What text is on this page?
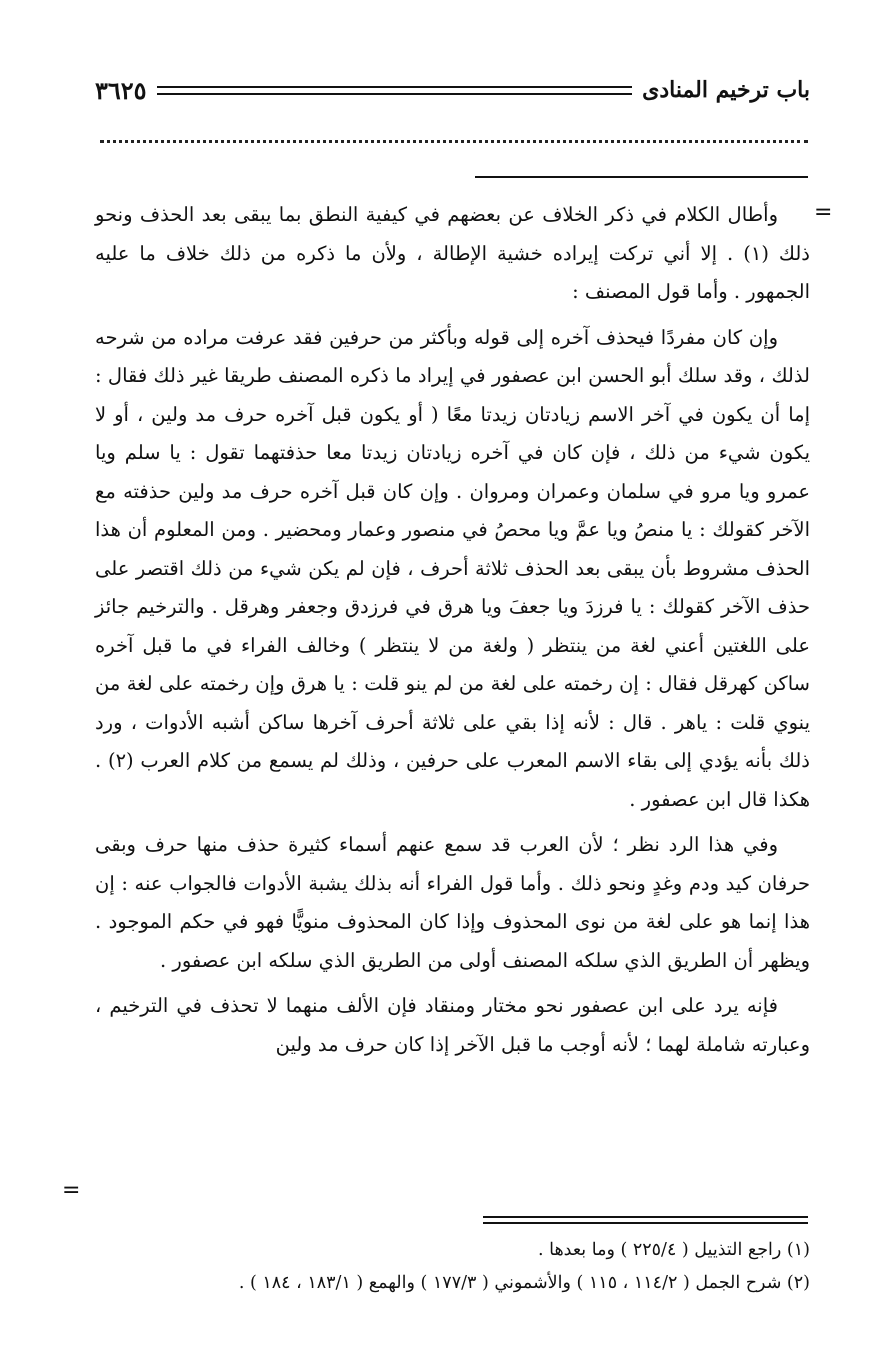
باب ترخيم المنادى
٣٦٢٥
=

وأطال الكلام في ذكر الخلاف عن بعضهم في كيفية النطق بما يبقى بعد الحذف ونحو ذلك (١) . إلا أني تركت إيراده خشية الإطالة ، ولأن ما ذكره من ذلك خلاف ما عليه الجمهور . وأما قول المصنف :

وإن كان مفردًا فيحذف آخره إلى قوله وبأكثر من حرفين فقد عرفت مراده من شرحه لذلك ، وقد سلك أبو الحسن ابن عصفور في إيراد ما ذكره المصنف طريقا غير ذلك فقال : إما أن يكون في آخر الاسم زيادتان زيدتا معًا ( أو يكون قبل آخره حرف مد ولين ، أو لا يكون شيء من ذلك ، فإن كان في آخره زيادتان زيدتا معا حذفتهما تقول : يا سلم ويا عمرو ويا مرو في سلمان وعمران ومروان . وإن كان قبل آخره حرف مد ولين حذفته مع الآخر كقولك : يا منصُ ويا عمَّ ويا محصُ في منصور وعمار ومحضير . ومن المعلوم أن هذا الحذف مشروط بأن يبقى بعد الحذف ثلاثة أحرف ، فإن لم يكن شيء من ذلك اقتصر على حذف الآخر كقولك : يا فرزدَ ويا جعفَ ويا هرق في فرزدق وجعفر وهرقل . والترخيم جائز على اللغتين أعني لغة من ينتظر ( ولغة من لا ينتظر ) وخالف الفراء في ما قبل آخره ساكن كهرقل فقال : إن رخمته على لغة من لم ينو قلت : يا هرق وإن رخمته على لغة من ينوي قلت : ياهر . قال : لأنه إذا بقي على ثلاثة أحرف آخرها ساكن أشبه الأدوات ، ورد ذلك بأنه يؤدي إلى بقاء الاسم المعرب على حرفين ، وذلك لم يسمع من كلام العرب (٢) . هكذا قال ابن عصفور .

وفي هذا الرد نظر ؛ لأن العرب قد سمع عنهم أسماء كثيرة حذف منها حرف وبقى حرفان كيد ودم وغدٍ ونحو ذلك . وأما قول الفراء أنه بذلك يشبة الأدوات فالجواب عنه : إن هذا إنما هو على لغة من نوى المحذوف وإذا كان المحذوف منويًّا فهو في حكم الموجود . ويظهر أن الطريق الذي سلكه المصنف أولى من الطريق الذي سلكه ابن عصفور .

فإنه يرد على ابن عصفور نحو مختار ومنقاد فإن الألف منهما لا تحذف في الترخيم ، وعبارته شاملة لهما ؛ لأنه أوجب ما قبل الآخر إذا كان حرف مد ولين

=
(١) راجع التذييل ( ٢٢٥/٤ ) وما بعدها .
(٢) شرح الجمل ( ١١٤/٢ ، ١١٥ ) والأشموني ( ١٧٧/٣ ) والهمع ( ١٨٣/١ ، ١٨٤ ) .
